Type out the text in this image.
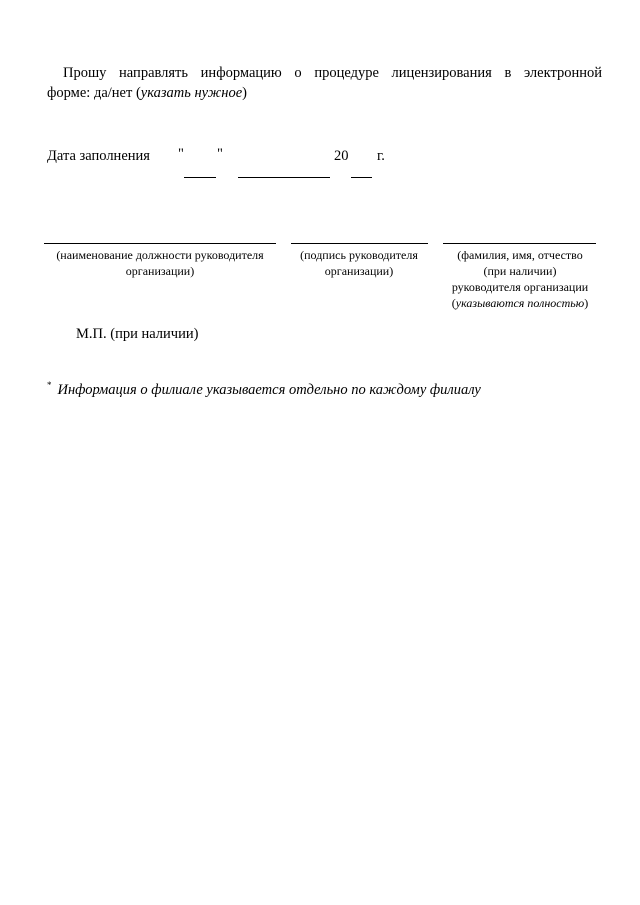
Прошу направлять информацию о процедуре лицензирования в электронной
форме: да/нет (указать нужное)
Дата заполнения " "	20 г.
(наименование должности руководителя
организации)
(подпись руководителя
организации)
(фамилия, имя, отчество
(при наличии)
руководителя организации
(указываются полностью)
М.П. (при наличии)
* Информация о филиале указывается отдельно по каждому филиалу
